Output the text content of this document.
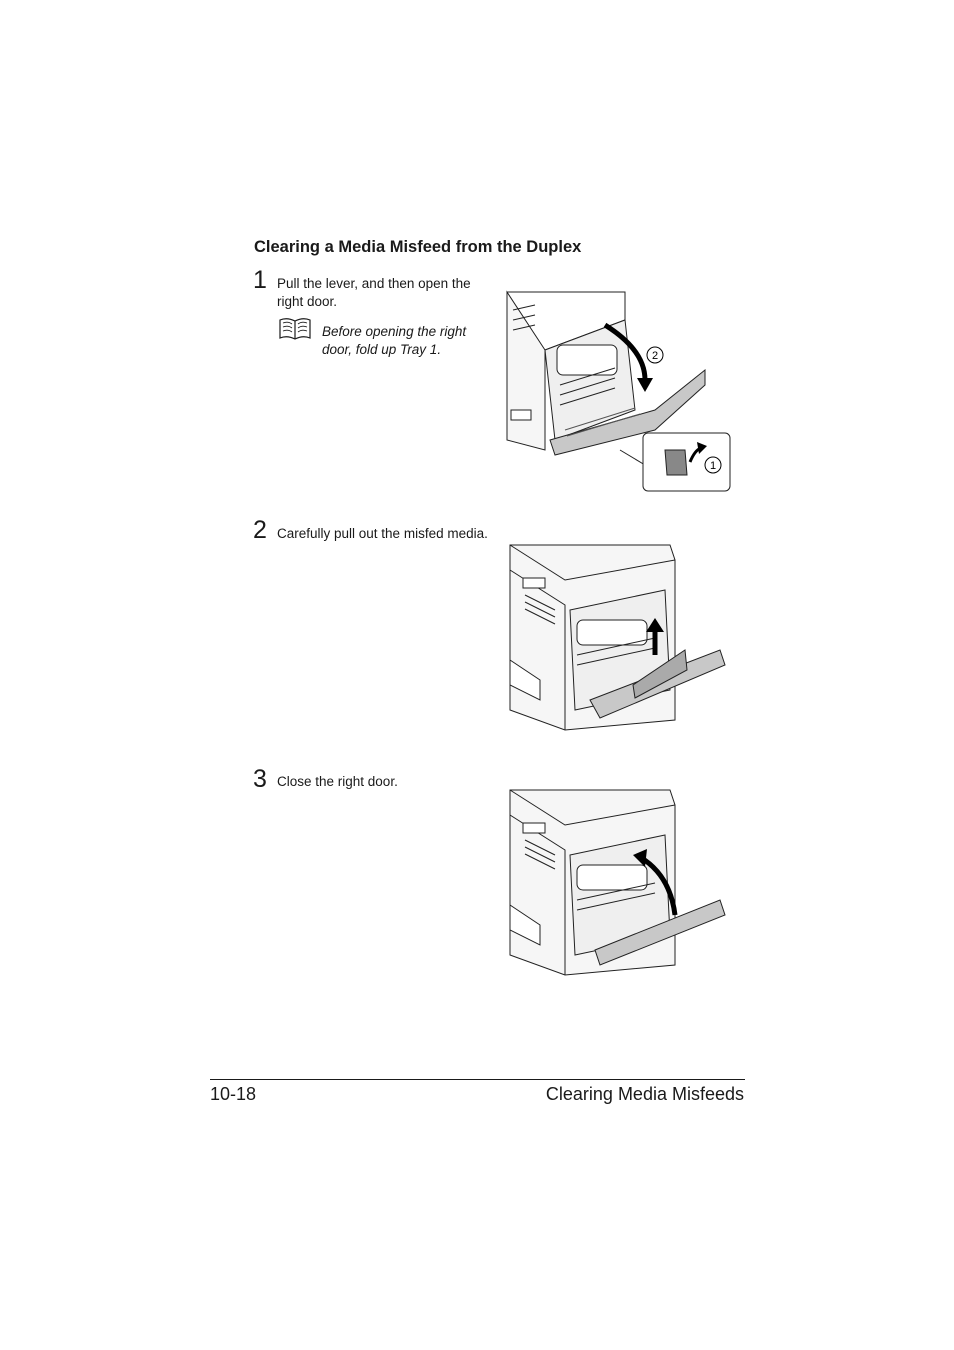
Clearing a Media Misfeed from the Duplex
1 Pull the lever, and then open the right door.
Before opening the right door, fold up Tray 1.	2
1
2 Carefully pull out the misfed media.
3 Close the right door.
10-18	Clearing Media Misfeeds
